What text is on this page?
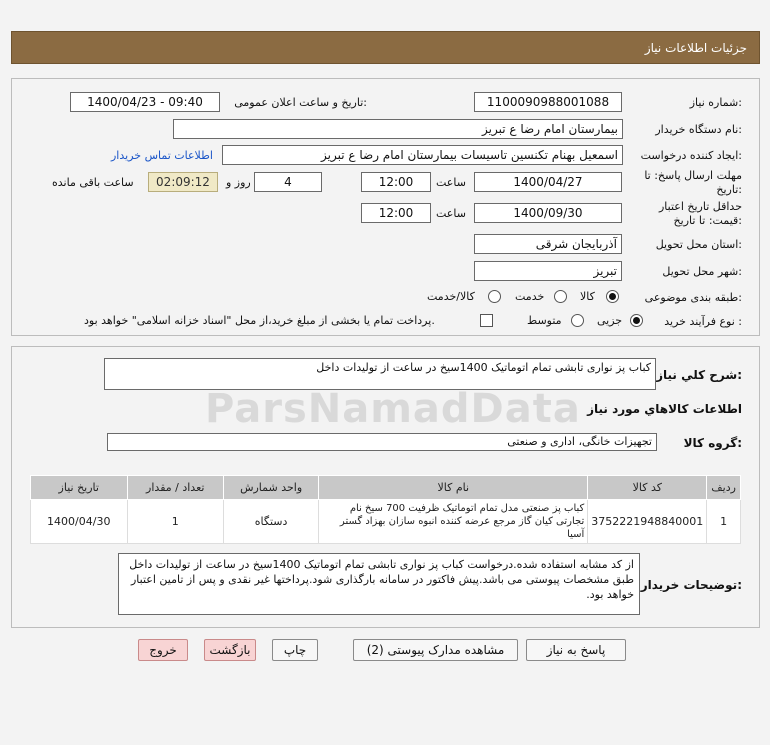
جزئیات اطلاعات نیاز
شماره نیاز:
1100090988001088
تاریخ و ساعت اعلان عمومی:
1400/04/23 - 09:40
نام دستگاه خریدار:
بیمارستان امام رضا ع تبریز
ایجاد کننده درخواست:
اسمعیل بهنام تکنسین تاسیسات بیمارستان امام رضا ع تبریز
اطلاعات تماس خریدار
مهلت ارسال پاسخ: تا تاریخ:
1400/04/27
ساعت
12:00
4
روز و
02:09:12
ساعت باقی مانده
حداقل تاریخ اعتبار قیمت: تا تاریخ:
1400/09/30
ساعت
12:00
استان محل تحویل:
آذربایجان شرقی
شهر محل تحویل:
تبریز
طبقه بندی موضوعی:
کالا
خدمت
کالا/خدمت
نوع فرآیند خرید :
جزیی
متوسط
پرداخت تمام یا بخشی از مبلغ خرید،از محل "اسناد خزانه اسلامی" خواهد بود.
شرح کلي نياز:
کباب پز نواری تابشی تمام اتوماتیک 1400سیخ در ساعت از تولیدات داخل
ParsNamadData اطلاعات کالاهاي مورد نياز
گروه کالا:
تجهیزات خانگی، اداری و صنعتی
تاریخ نیاز	تعداد / مقدار	واحد شمارش	نام کالا	کد کالا	ردیف
1400/04/30	1	دستگاه	کباب پز صنعتی مدل تمام اتوماتیک ظرفیت 700 سیخ نام تجارتی کیان گاز مرجع عرضه کننده انبوه سازان بهزاد گستر آسیا	3752221948840001	1
توضیحات خریدار:
از کد مشابه استفاده شده.درخواست کباب پز نواری تابشی تمام اتوماتیک 1400سیخ در ساعت از تولیدات داخل طبق مشخصات پیوستی می باشد.پیش فاکتور در سامانه بارگذاری شود.پرداختها غیر نقدی و پس از تامین اعتبار خواهد بود.
پاسخ به نیاز
مشاهده مدارک پیوستی (2)
چاپ
بازگشت
خروج
